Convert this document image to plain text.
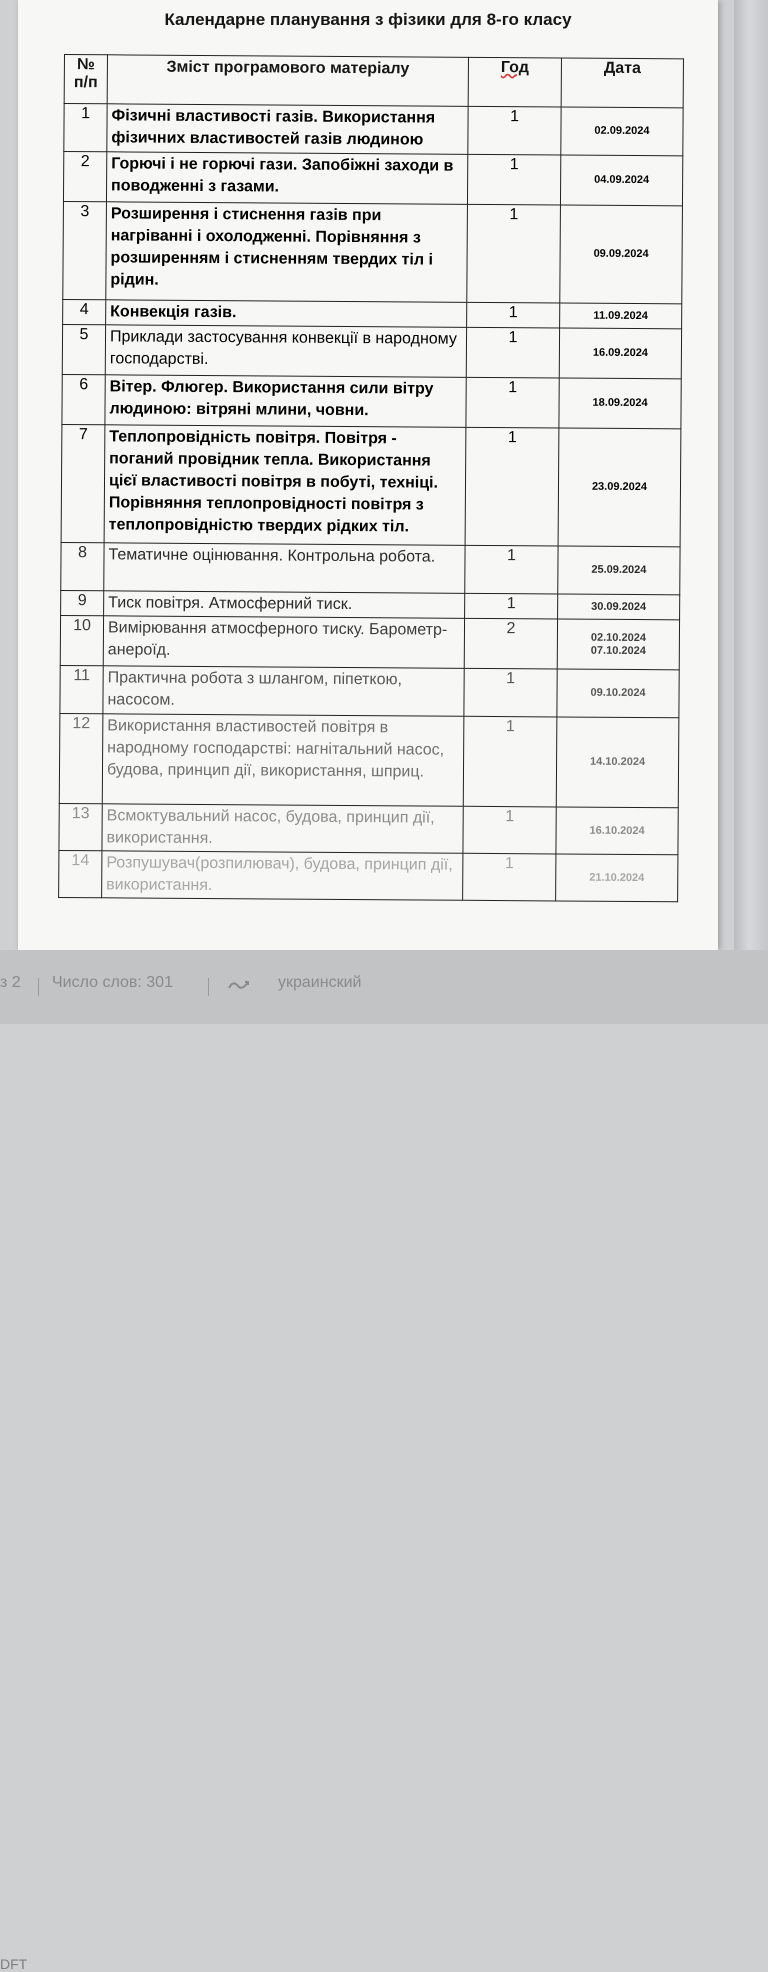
Календарне планування з фізики для 8-го класу
№ п/п	Зміст програмового матеріалу	Год	Дата
1	Фізичні властивості газів. Використання фізичних властивостей газів людиною	1	02.09.2024

2	Горючі і не горючі гази. Запобіжні заходи в поводженні з газами.	1	04.09.2024

3	Розширення і стиснення газів при нагріванні і охолодженні. Порівняння з розширенням і стисненням твердих тіл і рідин.	1	09.09.2024

4	Конвекція газів.	1	11.09.2024

5	Приклади застосування конвекції в народному господарстві.	1	16.09.2024

6	Вітер. Флюгер. Використання сили вітру людиною: вітряні млини, човни.	1	18.09.2024

7	Теплопровідність повітря. Повітря - поганий провідник тепла. Використання цієї властивості повітря в побуті, техніці. Порівняння теплопровідності повітря з теплопровідністю твердих рідких тіл.	1	23.09.2024

8	Тематичне оцінювання. Контрольна робота.	1	25.09.2024

9	Тиск повітря. Атмосферний тиск.	1	30.09.2024

10	Вимірювання атмосферного тиску. Барометр-анероїд.	2	02.10.2024
07.10.2024

11	Практична робота з шлангом, піпеткою, насосом.	1	09.10.2024

12	Використання властивостей повітря в народному господарстві: нагнітальний насос, будова, принцип дії, використання, шприц.	1	14.10.2024

13	Всмоктувальний насос, будова, принцип дії, використання.	1	16.10.2024

14	Розпушувач(розпилювач), будова, принцип дії, використання.	1	21.10.2024
з 2 Число слов: 301	украинский
DFT
